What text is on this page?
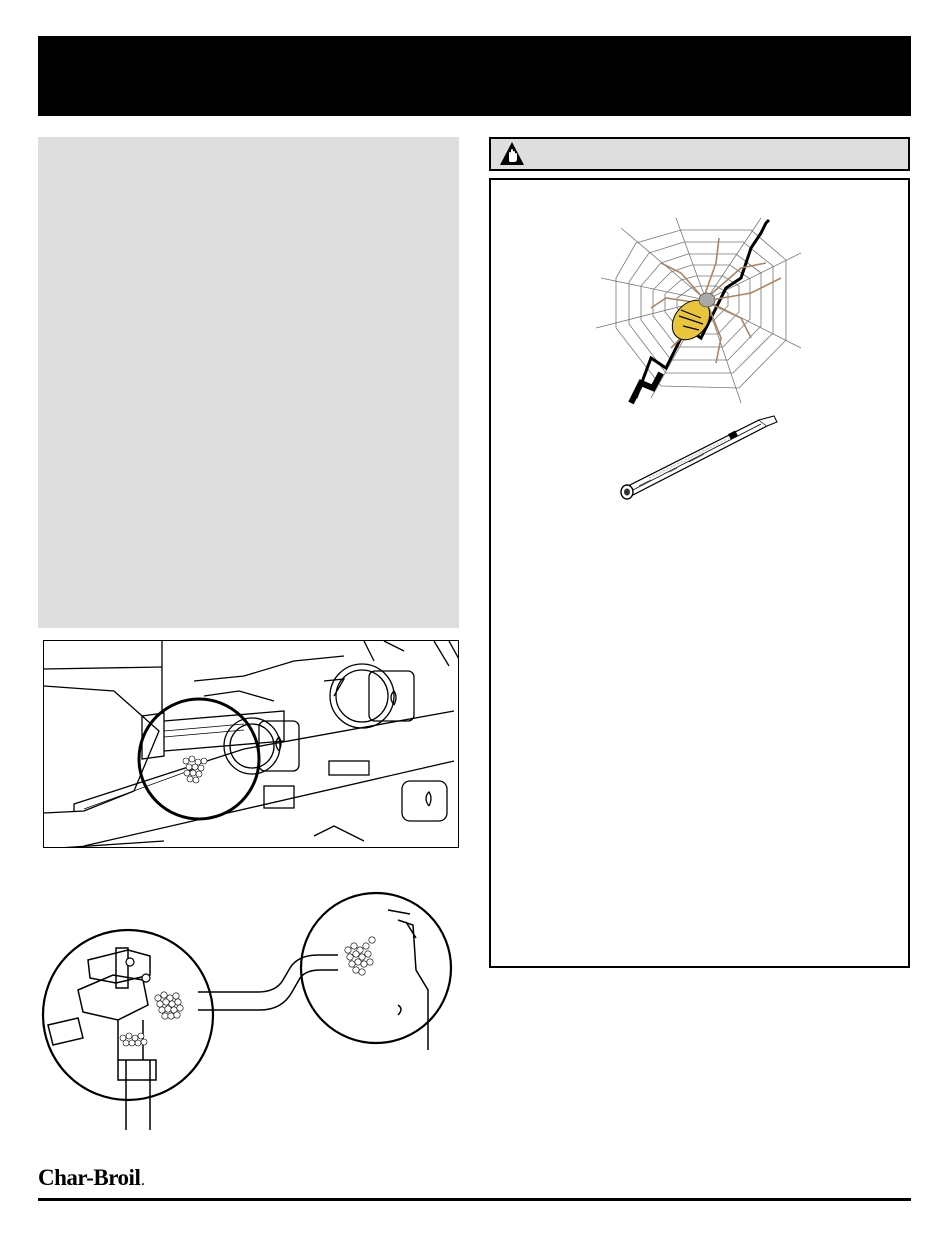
Char-Broil.
